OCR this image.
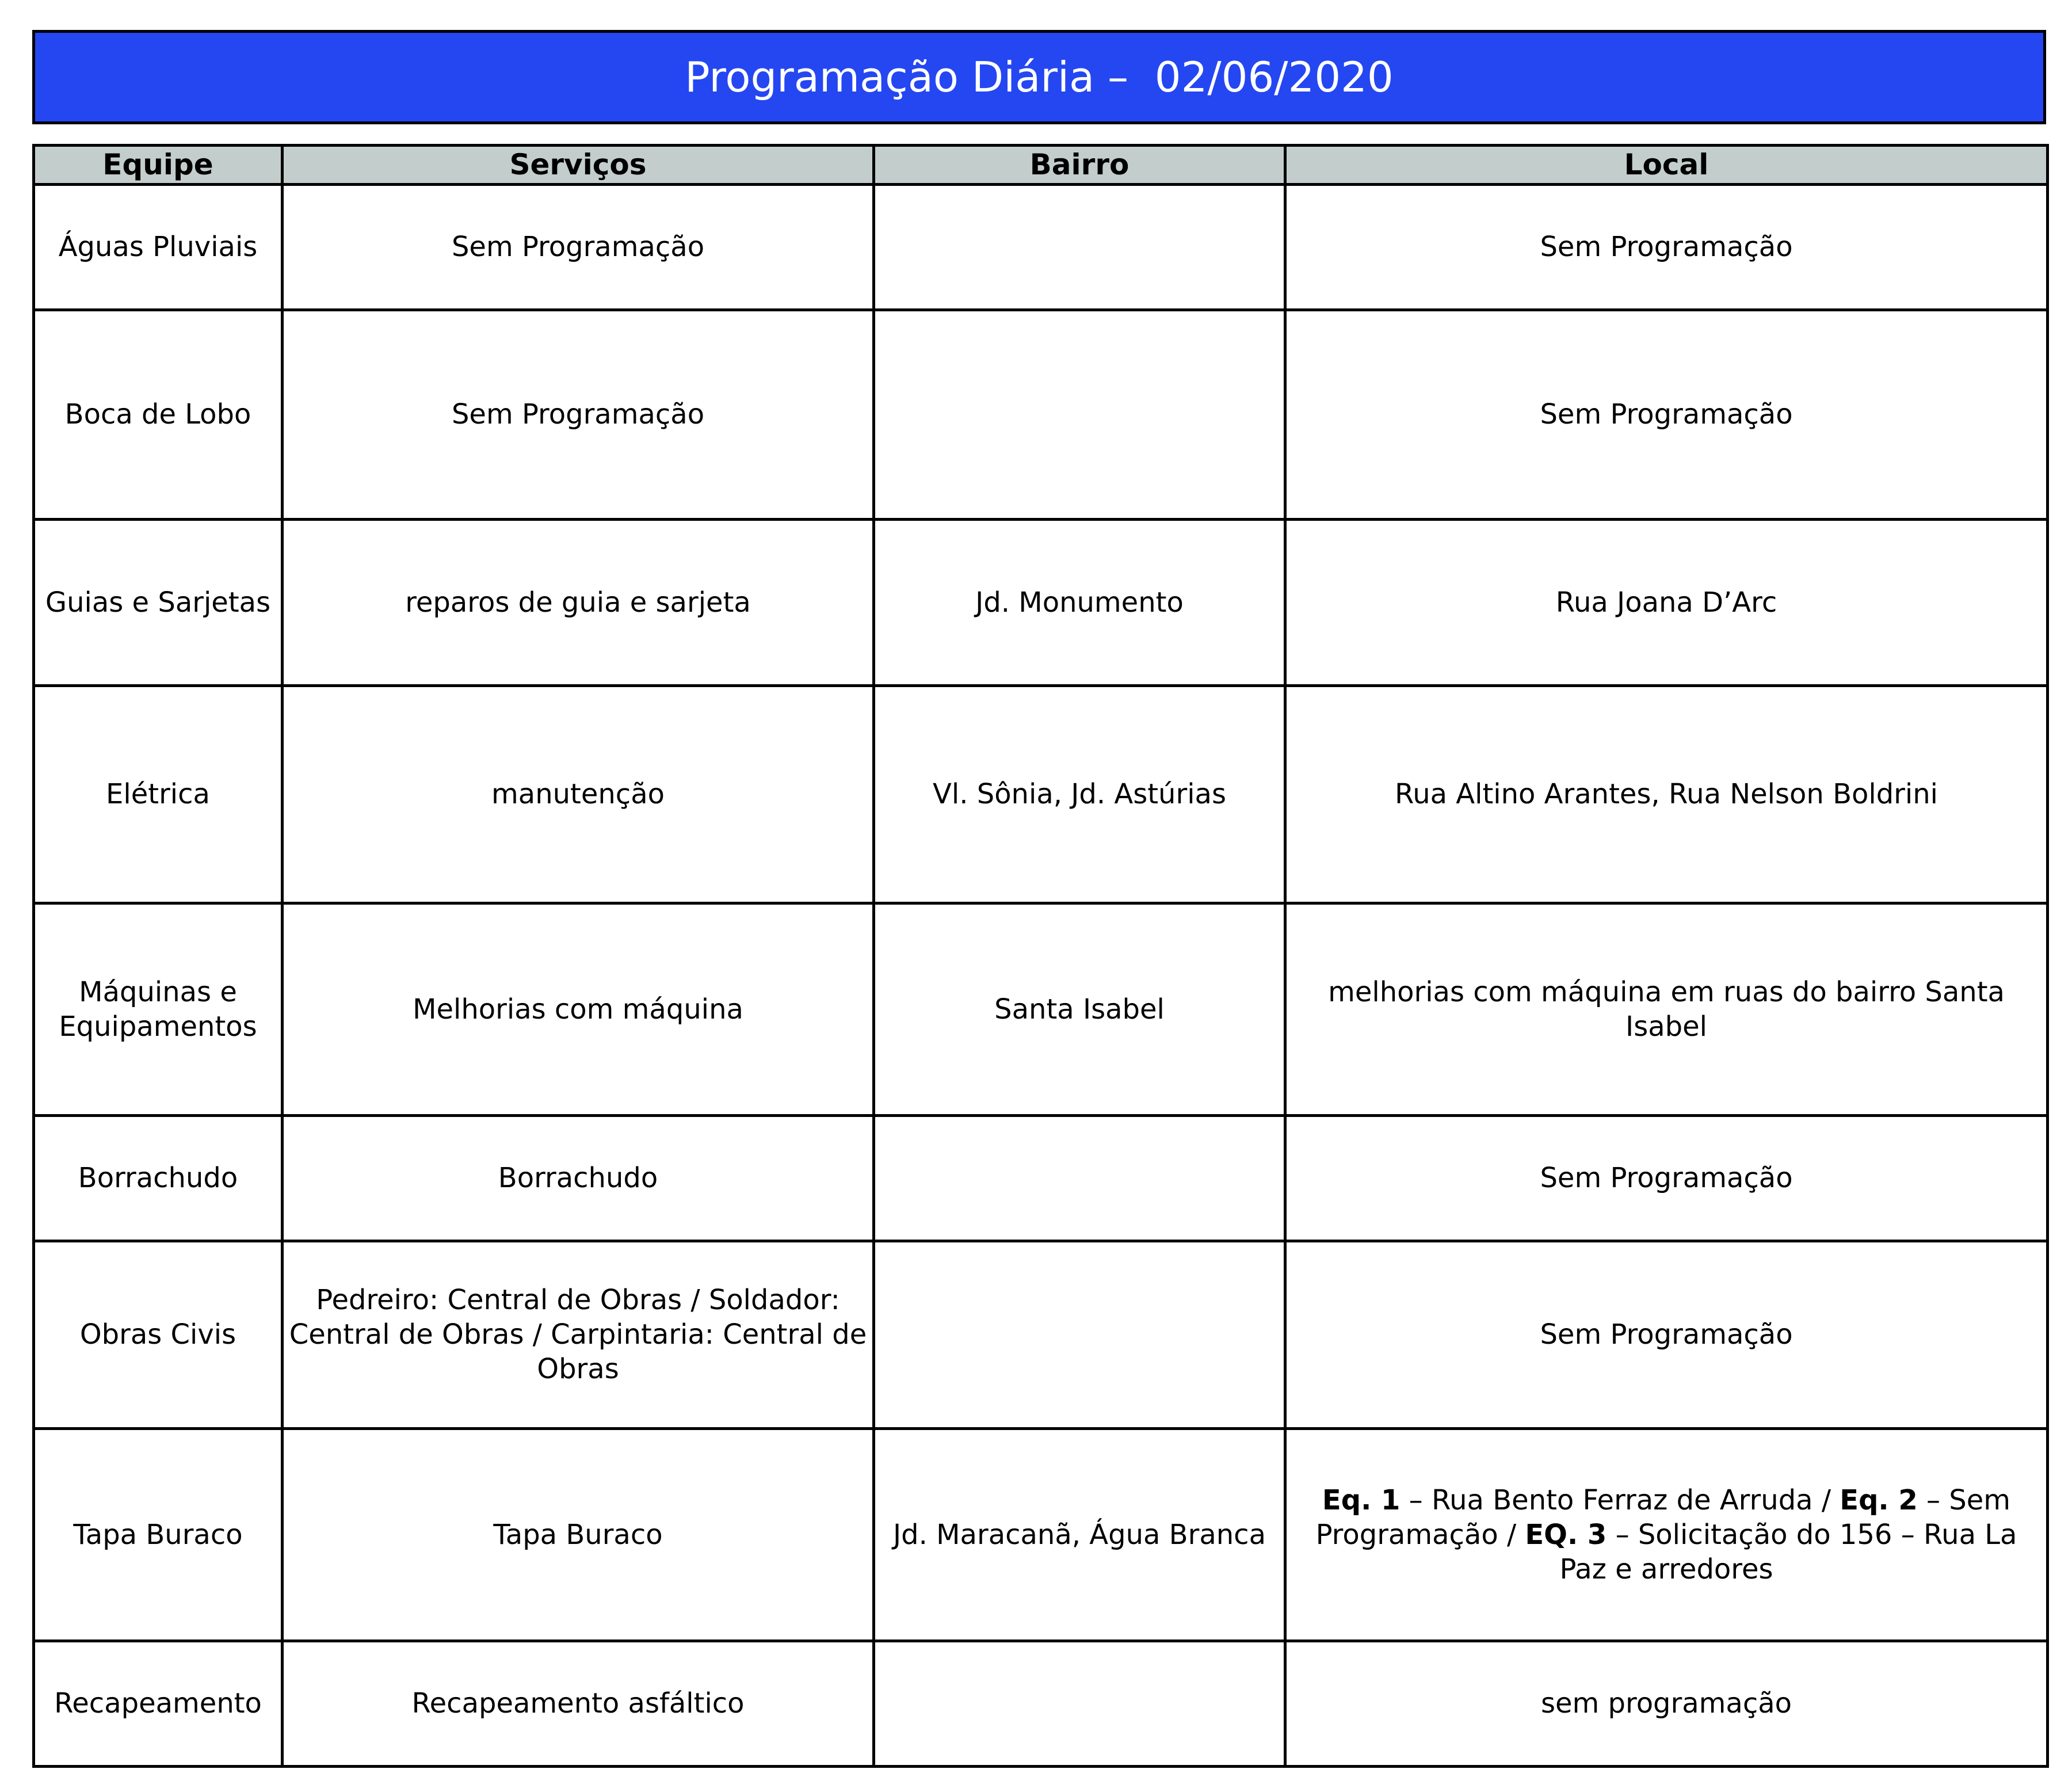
Programação Diária –  02/06/2020
Equipe	Serviços	Bairro	Local
Águas Pluviais	Sem Programação		Sem Programação
Boca de Lobo	Sem Programação		Sem Programação
Guias e Sarjetas	reparos de guia e sarjeta	Jd. Monumento	Rua Joana D’Arc
Elétrica	manutenção	Vl. Sônia, Jd. Astúrias	Rua Altino Arantes, Rua Nelson Boldrini
Máquinas e Equipamentos	Melhorias com máquina	Santa Isabel	melhorias com máquina em ruas do bairro Santa Isabel
Borrachudo	Borrachudo		Sem Programação
Obras Civis	Pedreiro: Central de Obras / Soldador: Central de Obras / Carpintaria: Central de Obras		Sem Programação
Tapa Buraco	Tapa Buraco	Jd. Maracanã, Água Branca	Eq. 1 – Rua Bento Ferraz de Arruda / Eq. 2 – Sem Programação / EQ. 3 – Solicitação do 156 – Rua La Paz e arredores
Recapeamento	Recapeamento asfáltico		sem programação
